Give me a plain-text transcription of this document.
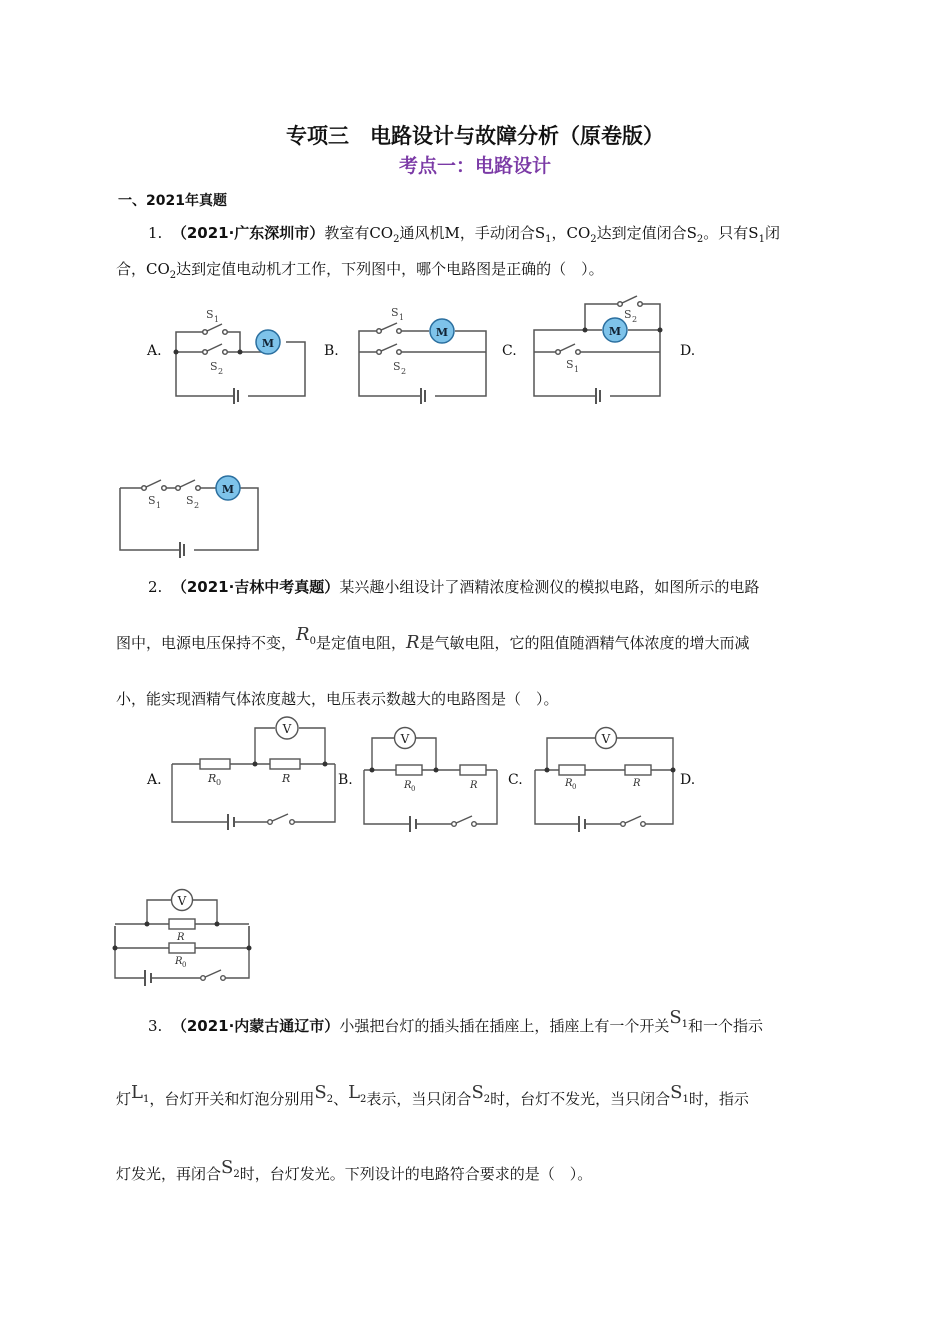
专项三　电路设计与故障分析（原卷版）
考点一：电路设计
一、2021年真题
1. （2021·广东深圳市）教室有$CO_2$通风机M，手动闭合$S_1$，$CO_2$达到定值闭合$S_2$。只有$S_1$闭
合，$CO_2$达到定值电动机才工作，下列图中，哪个电路图是正确的（　）。
A.	B.	C.	D.
M
S 1
S 2
M
S 1
S 2
M
S 2
S 1
M
S 1 S 2
2. （2021·吉林中考真题）某兴趣小组设计了酒精浓度检测仪的模拟电路，如图所示的电路
图中，电源电压保持不变，$R_0$是定值电阻，R是气敏电阻，它的阻值随酒精气体浓度的增大而减
小，能实现酒精气体浓度越大，电压表示数越大的电路图是（　）。
A.	B.	C.	D.
V
R 0	R
V
R 0	R
V
R 0	R
V
R
R 0
3. （2021·内蒙古通辽市）小强把台灯的插头插在插座上，插座上有一个开关$S_1$和一个指示
灯$L_1$，台灯开关和灯泡分别用$S_2$、$L_2$表示，当只闭合$S_2$时，台灯不发光，当只闭合$S_1$时，指示
灯发光，再闭合$S_2$时，台灯发光。下列设计的电路符合要求的是（　）。
